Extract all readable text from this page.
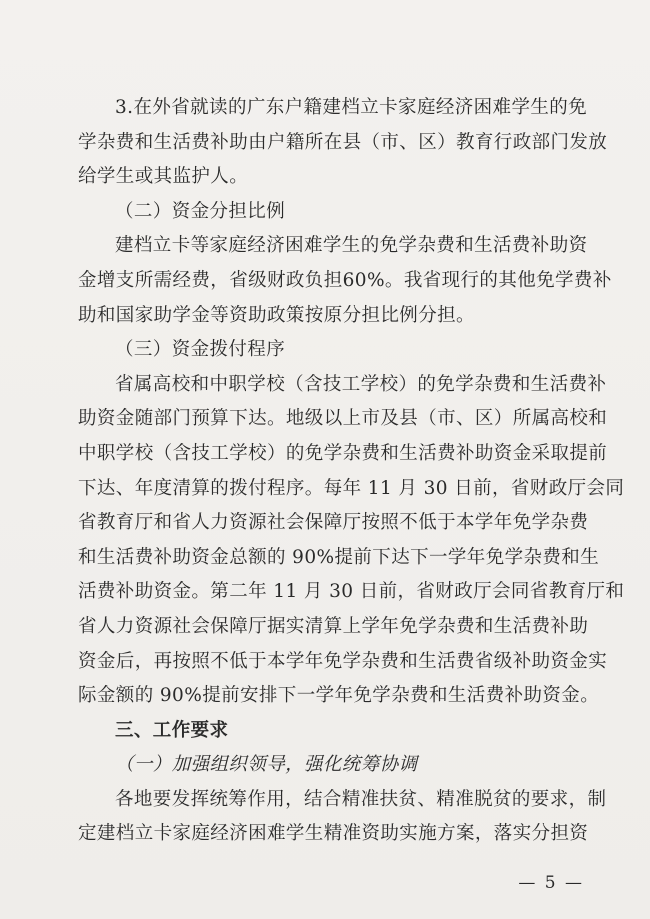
3.在外省就读的广东户籍建档立卡家庭经济困难学生的免
学杂费和生活费补助由户籍所在县（市、区）教育行政部门发放
给学生或其监护人。

（二）资金分担比例

建档立卡等家庭经济困难学生的免学杂费和生活费补助资
金增支所需经费，省级财政负担60%。我省现行的其他免学费补
助和国家助学金等资助政策按原分担比例分担。

（三）资金拨付程序

省属高校和中职学校（含技工学校）的免学杂费和生活费补
助资金随部门预算下达。地级以上市及县（市、区）所属高校和
中职学校（含技工学校）的免学杂费和生活费补助资金采取提前
下达、年度清算的拨付程序。每年 11 月 30 日前，省财政厅会同
省教育厅和省人力资源社会保障厅按照不低于本学年免学杂费
和生活费补助资金总额的 90%提前下达下一学年免学杂费和生
活费补助资金。第二年 11 月 30 日前，省财政厅会同省教育厅和
省人力资源社会保障厅据实清算上学年免学杂费和生活费补助
资金后，再按照不低于本学年免学杂费和生活费省级补助资金实
际金额的 90%提前安排下一学年免学杂费和生活费补助资金。

三、工作要求

（一）加强组织领导，强化统筹协调

各地要发挥统筹作用，结合精准扶贫、精准脱贫的要求，制
定建档立卡家庭经济困难学生精准资助实施方案，落实分担资

— 5 —
